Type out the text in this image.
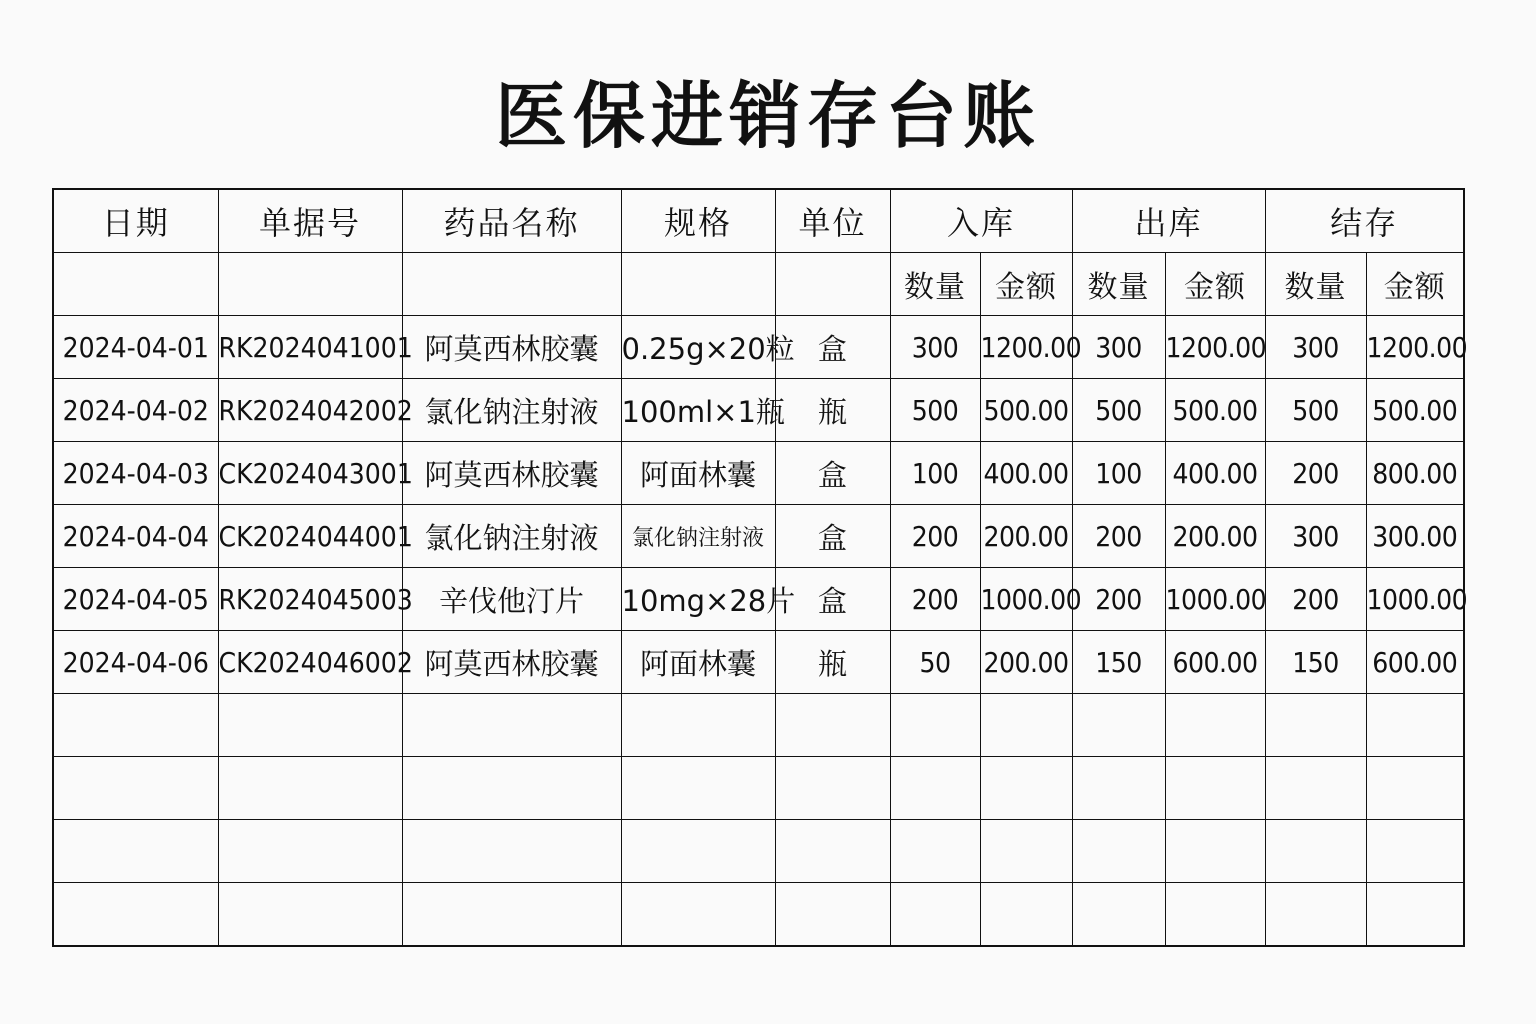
医保进销存台账
日期	单据号	药品名称	规格	单位	入库		出库		结存	
					数量	金额	数量	金额	数量	金额
2024-04-01	RK2024041001	阿莫西林胶囊	0.25g×20粒	盒	300	1200.00	300	1200.00	300	1200.00
2024-04-02	RK2024042002	氯化钠注射液	100ml×1瓶	瓶	500	500.00	500	500.00	500	500.00
2024-04-03	CK2024043001	阿莫西林胶囊	阿面林囊	盒	100	400.00	100	400.00	200	800.00
2024-04-04	CK2024044001	氯化钠注射液	氯化钠注射液	盒	200	200.00	200	200.00	300	300.00
2024-04-05	RK2024045003	辛伐他汀片	10mg×28片	盒	200	1000.00	200	1000.00	200	1000.00
2024-04-06	CK2024046002	阿莫西林胶囊	阿面林囊	瓶	50	200.00	150	600.00	150	600.00
